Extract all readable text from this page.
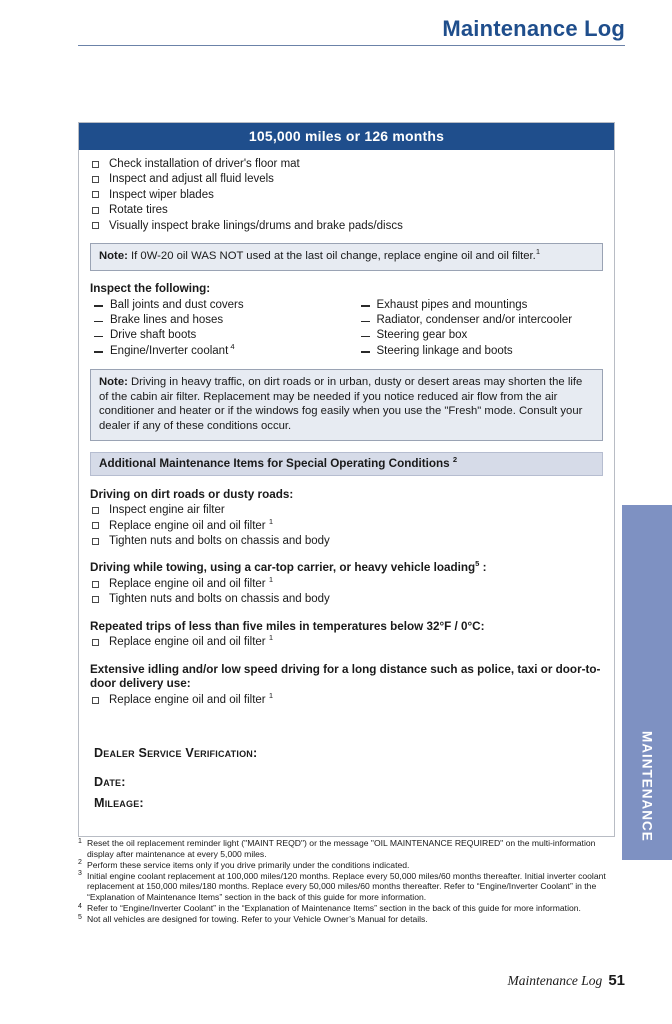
Maintenance Log
105,000 miles or 126 months
Check installation of driver's floor mat
Inspect and adjust all fluid levels
Inspect wiper blades
Rotate tires
Visually inspect brake linings/drums and brake pads/discs
Note: If 0W-20 oil WAS NOT used at the last oil change, replace engine oil and oil filter.$^1$
Inspect the following:
Ball joints and dust covers
Brake lines and hoses
Drive shaft boots
Engine/Inverter coolant $^4$
Exhaust pipes and mountings
Radiator, condenser and/or intercooler
Steering gear box
Steering linkage and boots
Note: Driving in heavy traffic, on dirt roads or in urban, dusty or desert areas may shorten the life of the cabin air filter. Replacement may be needed if you notice reduced air flow from the air conditioner and heater or if the windows fog easily when you use the "Fresh" mode. Consult your dealer if any of these conditions occur.
Additional Maintenance Items for Special Operating Conditions $^2$
Driving on dirt roads or dusty roads:
Inspect engine air filter
Replace engine oil and oil filter $^1$
Tighten nuts and bolts on chassis and body
Driving while towing, using a car-top carrier, or heavy vehicle loading$^5$ :
Replace engine oil and oil filter $^1$
Tighten nuts and bolts on chassis and body
Repeated trips of less than five miles in temperatures below 32°F / 0°C:
Replace engine oil and oil filter $^1$
Extensive idling and/or low speed driving for a long distance such as police, taxi or door-to-door delivery use:
Replace engine oil and oil filter $^1$
Dealer Service Verification:
Date:
Mileage:
1 Reset the oil replacement reminder light ("MAINT REQD") or the message "OIL MAINTENANCE REQUIRED" on the multi-information display after maintenance at every 5,000 miles.
2 Perform these service items only if you drive primarily under the conditions indicated.
3 Initial engine coolant replacement at 100,000 miles/120 months. Replace every 50,000 miles/60 months thereafter. Initial inverter coolant replacement at 150,000 miles/180 months. Replace every 50,000 miles/60 months thereafter. Refer to “Engine/Inverter Coolant” in the “Explanation of Maintenance Items” section in the back of this guide for more information.
4 Refer to “Engine/Inverter Coolant” in the “Explanation of Maintenance Items” section in the back of this guide for more information.
5 Not all vehicles are designed for towing. Refer to your Vehicle Owner’s Manual for details.
Maintenance Log 51
MAINTENANCE
